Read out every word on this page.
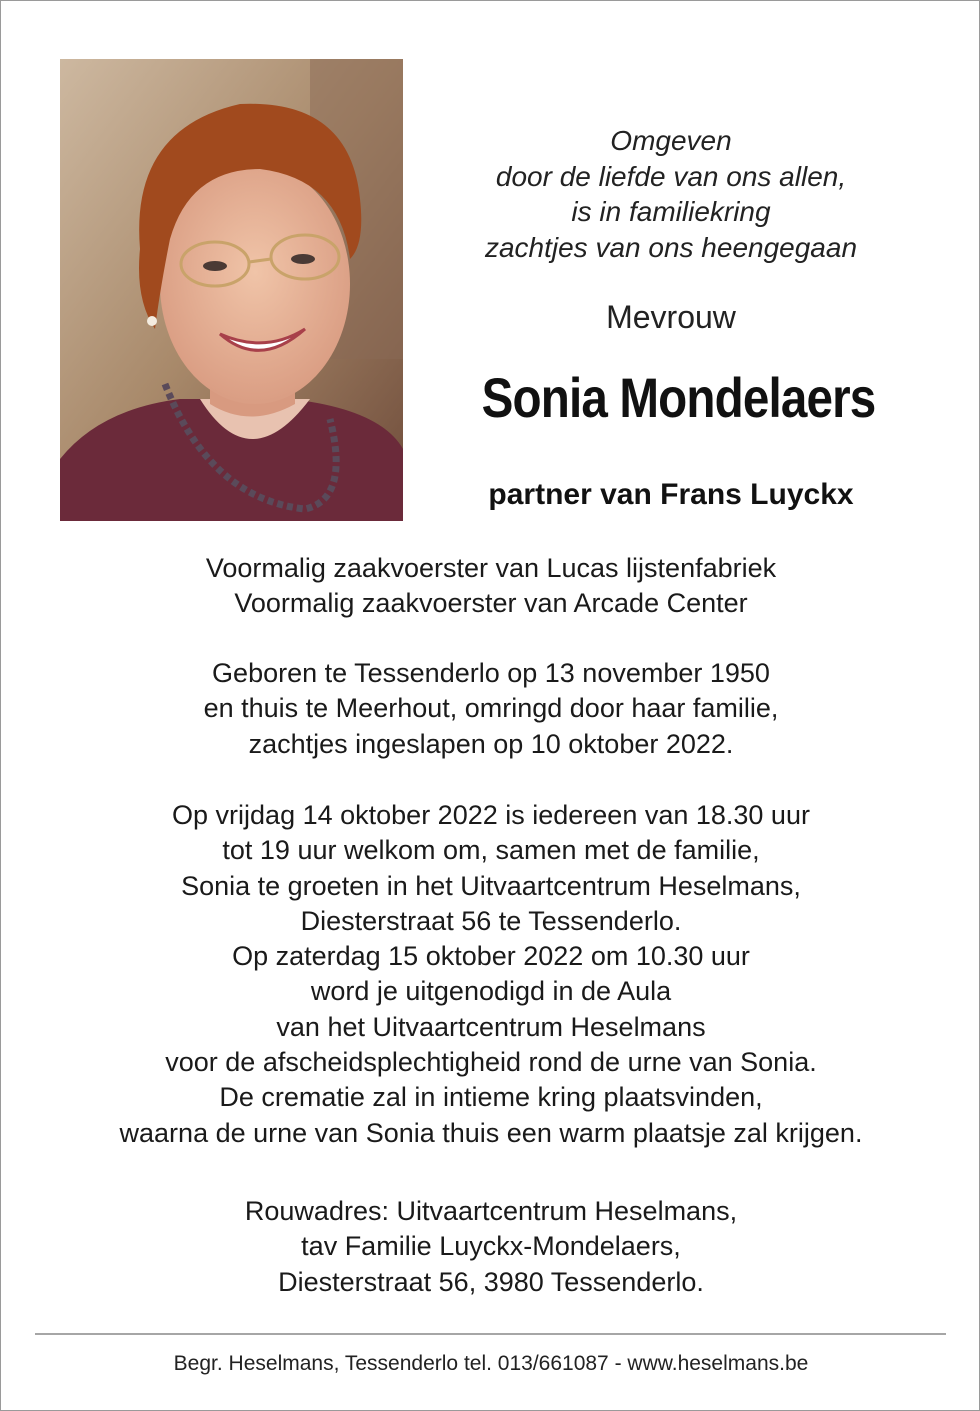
Omgeven
door de liefde van ons allen,
is in familiekring
zachtjes van ons heengegaan
Mevrouw
Sonia Mondelaers
partner van Frans Luyckx
Voormalig zaakvoerster van Lucas lijstenfabriek
Voormalig zaakvoerster van Arcade Center
Geboren te Tessenderlo op 13 november 1950
en thuis te Meerhout, omringd door haar familie,
zachtjes ingeslapen op 10 oktober 2022.
Op vrijdag 14 oktober 2022 is iedereen van 18.30 uur
tot 19 uur welkom om, samen met de familie,
Sonia te groeten in het Uitvaartcentrum Heselmans,
Diesterstraat 56 te Tessenderlo.
Op zaterdag 15 oktober 2022 om 10.30 uur
word je uitgenodigd in de Aula
van het Uitvaartcentrum Heselmans
voor de afscheidsplechtigheid rond de urne van Sonia.
De crematie zal in intieme kring plaatsvinden,
waarna de urne van Sonia thuis een warm plaatsje zal krijgen.
Rouwadres: Uitvaartcentrum Heselmans,
tav Familie Luyckx-Mondelaers,
Diesterstraat 56, 3980 Tessenderlo.
Begr. Heselmans, Tessenderlo tel. 013/661087 - www.heselmans.be
